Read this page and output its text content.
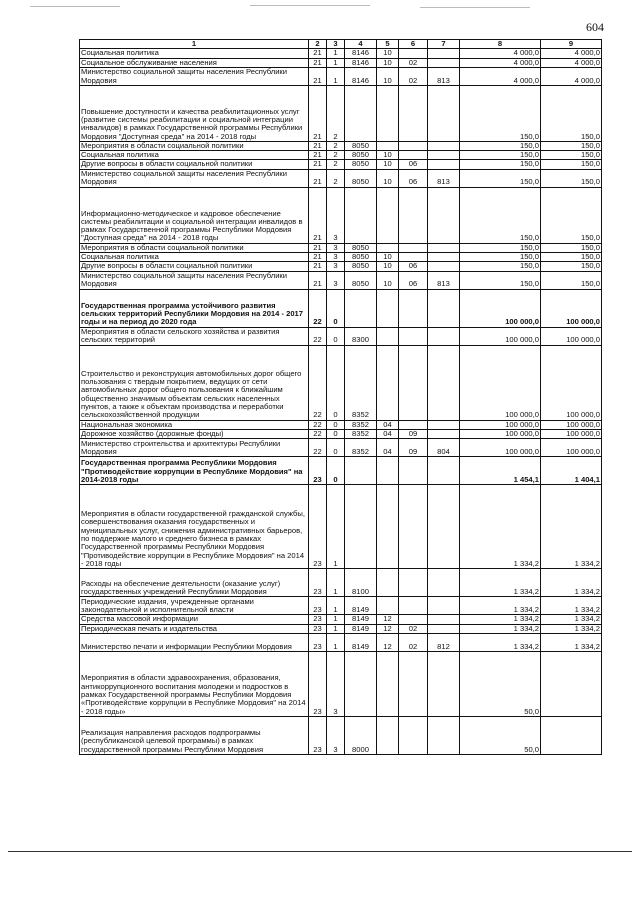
604
1	2	3	4	5	6	7	8	9
Социальная политика	21	1	8146	10			4 000,0	4 000,0
Социальное обслуживание населения	21	1	8146	10	02		4 000,0	4 000,0
Министерство социальной защиты населения Республики Мордовия	21	1	8146	10	02	813	4 000,0	4 000,0
Повышение доступности и качества реабилитационных услуг (развитие системы реабилитации и социальной интеграции инвалидов) в рамках Государственной программы Республики Мордовия "Доступная среда" на 2014 - 2018 годы	21	2					150,0	150,0
Мероприятия в области социальной политики	21	2	8050				150,0	150,0
Социальная политика	21	2	8050	10			150,0	150,0
Другие вопросы в области социальной политики	21	2	8050	10	06		150,0	150,0
Министерство социальной защиты населения Республики Мордовия	21	2	8050	10	06	813	150,0	150,0
Информационно-методическое и кадровое обеспечение системы реабилитации и социальной интеграции инвалидов в рамках Государственной программы Республики Мордовия "Доступная среда" на 2014 - 2018 годы	21	3					150,0	150,0
Мероприятия в области социальной политики	21	3	8050				150,0	150,0
Социальная политика	21	3	8050	10			150,0	150,0
Другие вопросы в области социальной политики	21	3	8050	10	06		150,0	150,0
Министерство социальной защиты населения Республики Мордовия	21	3	8050	10	06	813	150,0	150,0
Государственная программа устойчивого развития сельских территорий Республики Мордовия на 2014 - 2017 годы и на период до 2020 года	22	0					100 000,0	100 000,0
Мероприятия в области сельского хозяйства и развития сельских территорий	22	0	8300				100 000,0	100 000,0
Строительство и реконструкция автомобильных дорог общего пользования с твердым покрытием, ведущих от сети автомобильных дорог общего пользования к ближайшим общественно значимым объектам сельских населенных пунктов, а также к объектам производства и переработки сельскохозяйственной продукции	22	0	8352				100 000,0	100 000,0
Национальная экономика	22	0	8352	04			100 000,0	100 000,0
Дорожное хозяйство (дорожные фонды)	22	0	8352	04	09		100 000,0	100 000,0
Министерство строительства и архитектуры Республики Мордовия	22	0	8352	04	09	804	100 000,0	100 000,0
Государственная программа Республики Мордовия "Противодействие коррупции в Республике Мордовия" на 2014-2018 годы	23	0					1 454,1	1 404,1
Мероприятия в области государственной гражданской службы, совершенствования оказания государственных и муниципальных услуг, снижения административных барьеров, по поддержке малого и среднего бизнеса в рамках Государственной программы Республики Мордовия "Противодействие коррупции в Республике Мордовия" на 2014 - 2018 годы	23	1					1 334,2	1 334,2
Расходы на обеспечение деятельности (оказание услуг) государственных учреждений Республики Мордовия	23	1	8100				1 334,2	1 334,2
Периодические издания, учрежденные органами законодательной и исполнительной власти	23	1	8149				1 334,2	1 334,2
Средства массовой информации	23	1	8149	12			1 334,2	1 334,2
Периодическая печать и издательства	23	1	8149	12	02		1 334,2	1 334,2
Министерство печати и информации Республики Мордовия	23	1	8149	12	02	812	1 334,2	1 334,2
Мероприятия в области здравоохранения, образования, антикоррупционного воспитания молодежи и подростков в рамках Государственной программы Республики Мордовия «Противодействие коррупции в Республике Мордовия" на 2014 - 2018 годы»	23	3					50,0	
Реализация направления расходов подпрограммы (республиканской целевой программы) в рамках государственной программы Республики Мордовия	23	3	8000				50,0	
